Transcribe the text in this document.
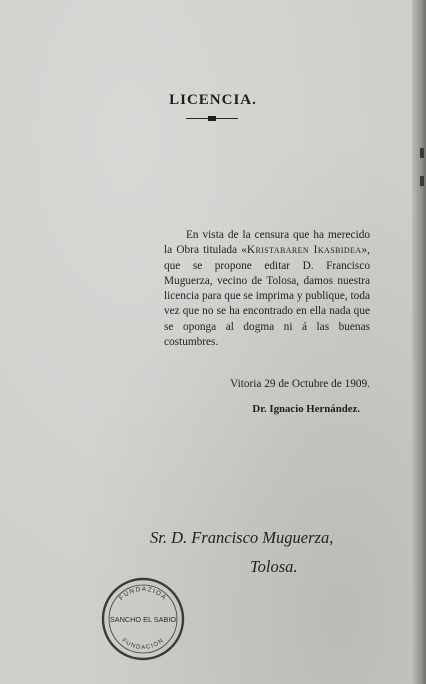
LICENCIA.

En vista de la censura que ha merecido la Obra titulada «Kristabaren Ikasbidea», que se propone editar D. Francisco Muguerza, vecino de Tolosa, damos nuestra licencia para que se imprima y publique, toda vez que no se ha encontrado en ella nada que se oponga al dogma ni á las buenas costumbres.

Vitoria 29 de Octubre de 1909.
Dr. Ignacio Hernández.
Sr. D. Francisco Muguerza,
Tolosa.
FUNDAZIOA
SANCHO EL SABIO
FUNDACIÓN
